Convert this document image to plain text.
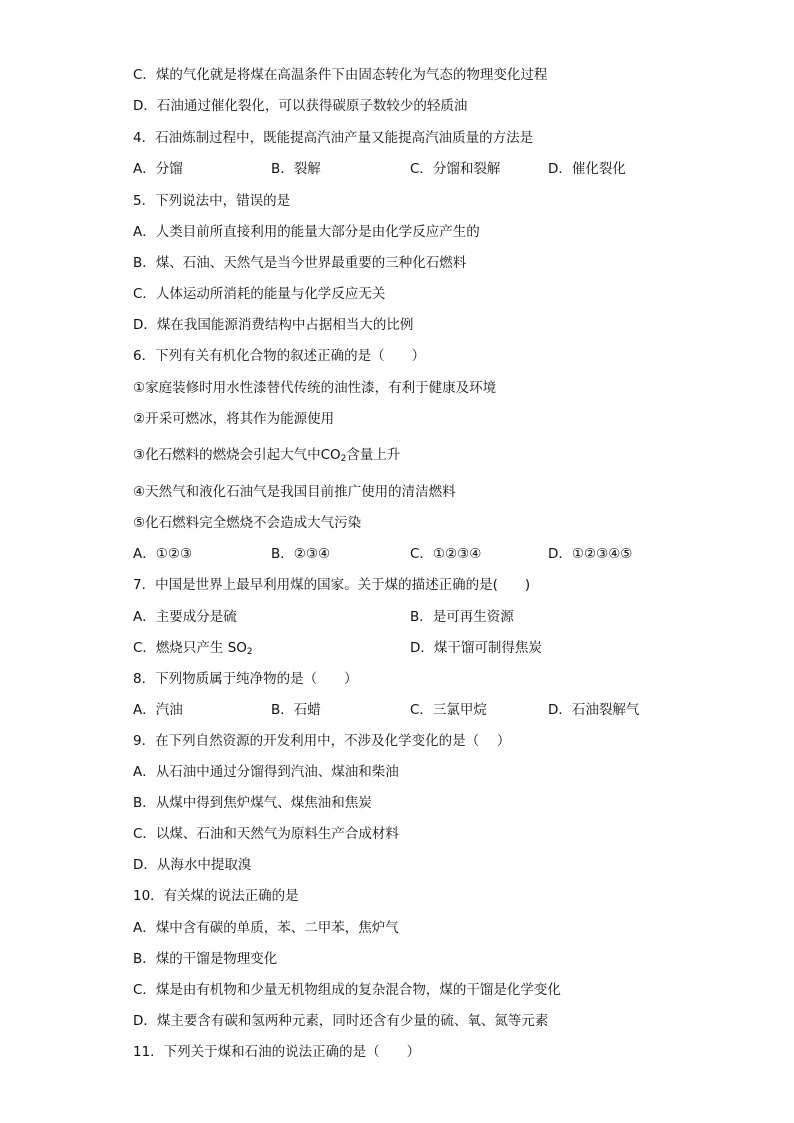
C．煤的气化就是将煤在高温条件下由固态转化为气态的物理变化过程
D．石油通过催化裂化，可以获得碳原子数较少的轻质油
4．石油炼制过程中，既能提高汽油产量又能提高汽油质量的方法是
A．分馏	B．裂解	C．分馏和裂解	D．催化裂化
5．下列说法中，错误的是
A．人类目前所直接利用的能量大部分是由化学反应产生的
B．煤、石油、天然气是当今世界最重要的三种化石燃料
C．人体运动所消耗的能量与化学反应无关
D．煤在我国能源消费结构中占据相当大的比例
6．下列有关有机化合物的叙述正确的是（　　）
①家庭装修时用水性漆替代传统的油性漆，有利于健康及环境
②开采可燃冰，将其作为能源使用
③化石燃料的燃烧会引起大气中$CO_2$含量上升
④天然气和液化石油气是我国目前推广使用的清洁燃料
⑤化石燃料完全燃烧不会造成大气污染
A．①②③	B．②③④	C．①②③④	D．①②③④⑤
7．中国是世界上最早利用煤的国家。关于煤的描述正确的是(　　)
A．主要成分是硫	B．是可再生资源
C．燃烧只产生 $SO_2$	D．煤干馏可制得焦炭
8．下列物质属于纯净物的是（　　）
A．汽油	B．石蜡	C．三氯甲烷	D．石油裂解气
9．在下列自然资源的开发利用中，不涉及化学变化的是（　 ）
A．从石油中通过分馏得到汽油、煤油和柴油
B．从煤中得到焦炉煤气、煤焦油和焦炭
C．以煤、石油和天然气为原料生产合成材料
D．从海水中提取溴
10．有关煤的说法正确的是
A．煤中含有碳的单质，苯、二甲苯，焦炉气
B．煤的干馏是物理变化
C．煤是由有机物和少量无机物组成的复杂混合物，煤的干馏是化学变化
D．煤主要含有碳和氢两种元素，同时还含有少量的硫、氧、氮等元素
11．下列关于煤和石油的说法正确的是（　　）
